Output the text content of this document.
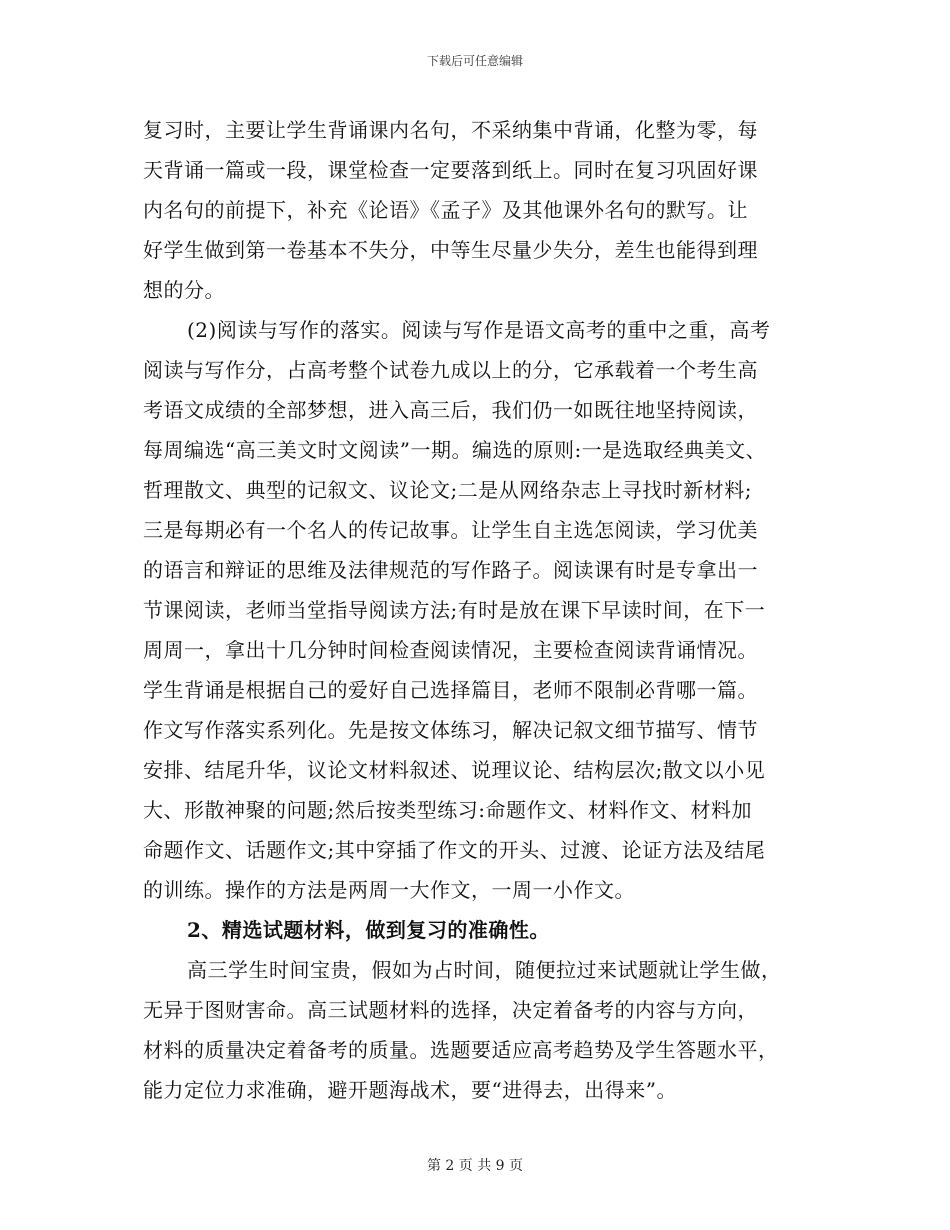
下载后可任意编辑
复习时，主要让学生背诵课内名句，不采纳集中背诵，化整为零，每
天背诵一篇或一段，课堂检查一定要落到纸上。同时在复习巩固好课
内名句的前提下，补充《论语》《孟子》及其他课外名句的默写。让
好学生做到第一卷基本不失分，中等生尽量少失分，差生也能得到理
想的分。
(2)阅读与写作的落实。阅读与写作是语文高考的重中之重，高考
阅读与写作分，占高考整个试卷九成以上的分，它承载着一个考生高
考语文成绩的全部梦想，进入高三后，我们仍一如既往地坚持阅读，
每周编选“高三美文时文阅读”一期。编选的原则:一是选取经典美文、
哲理散文、典型的记叙文、议论文;二是从网络杂志上寻找时新材料;
三是每期必有一个名人的传记故事。让学生自主选怎阅读，学习优美
的语言和辩证的思维及法律规范的写作路子。阅读课有时是专拿出一
节课阅读，老师当堂指导阅读方法;有时是放在课下早读时间，在下一
周周一，拿出十几分钟时间检查阅读情况，主要检查阅读背诵情况。
学生背诵是根据自己的爱好自己选择篇目，老师不限制必背哪一篇。
作文写作落实系列化。先是按文体练习，解决记叙文细节描写、情节
安排、结尾升华，议论文材料叙述、说理议论、结构层次;散文以小见
大、形散神聚的问题;然后按类型练习:命题作文、材料作文、材料加
命题作文、话题作文;其中穿插了作文的开头、过渡、论证方法及结尾
的训练。操作的方法是两周一大作文，一周一小作文。
2、精选试题材料，做到复习的准确性。
高三学生时间宝贵，假如为占时间，随便拉过来试题就让学生做，
无异于图财害命。高三试题材料的选择，决定着备考的内容与方向，
材料的质量决定着备考的质量。选题要适应高考趋势及学生答题水平，
能力定位力求准确，避开题海战术，要“进得去，出得来”。
第 2 页 共 9 页
